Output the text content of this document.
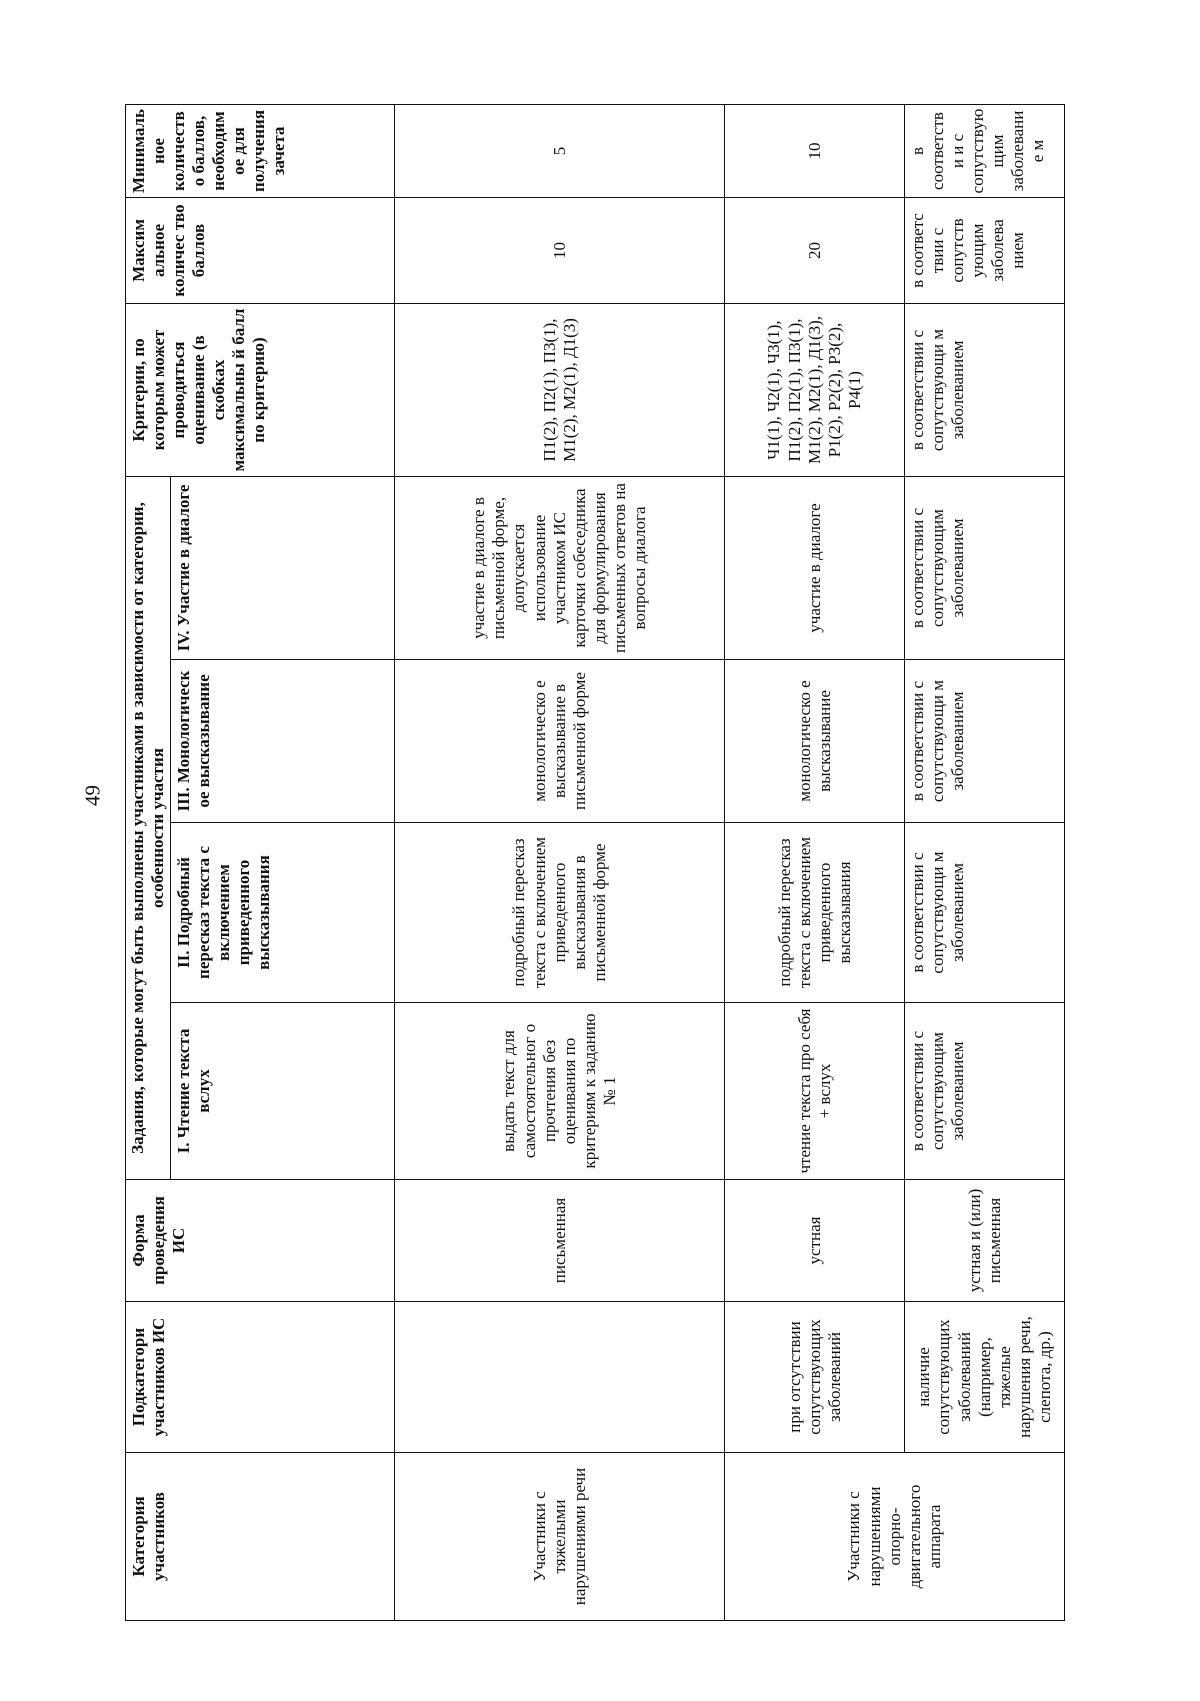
49
Категория участников	Подкатегори участников ИС	Форма проведения ИС	Задания, которые могут быть выполнены участниками в зависимости от категории, особенности участия				Критерии, по которым может проводиться оценивание (в скобках максимальны й балл по критерию)	Максим альное количес тво баллов	Минималь ное количество баллов, необходим ое для получения зачета
			I. Чтение текста вслух	II. Подробный пересказ текста с включением приведенного высказывания	III. Монологическ ое высказывание	IV. Участие в диалоге			
Участники с тяжелыми нарушениями речи		письменная	выдать текст для самостоятельног о прочтения без оценивания по критериям к заданию № 1	подробный пересказ текста с включением приведенного высказывания в письменной форме	монологическо е высказывание в письменной форме	участие в диалоге в письменной форме, допускается использование участником ИС карточки собеседника для формулирования письменных ответов на вопросы диалога	П1(2), П2(1), П3(1), М1(2), М2(1), Д1(3)	10	5
Участники с нарушениями опорно-двигательного аппарата	при отсутствии сопутствующих заболеваний	устная	чтение текста про себя + вслух	подробный пересказ текста с включением приведенного высказывания	монологическо е высказывание	участие в диалоге	Ч1(1), Ч2(1), Ч3(1), П1(2), П2(1), П3(1), М1(2), М2(1), Д1(3), Р1(2), Р2(2), Р3(2), Р4(1)	20	10
	наличие сопутствующих заболеваний (например, тяжелые нарушения речи, слепота, др.)	устная и (или) письменная	в соответствии с сопутствующим заболеванием	в соответствии с сопутствующи м заболеванием	в соответствии с сопутствующи м заболеванием	в соответствии с сопутствующим заболеванием	в соответствии с сопутствующи м заболеванием	в соответс твии с сопутств ующим заболева нием	в соответстви и с сопутствую щим заболевание м
